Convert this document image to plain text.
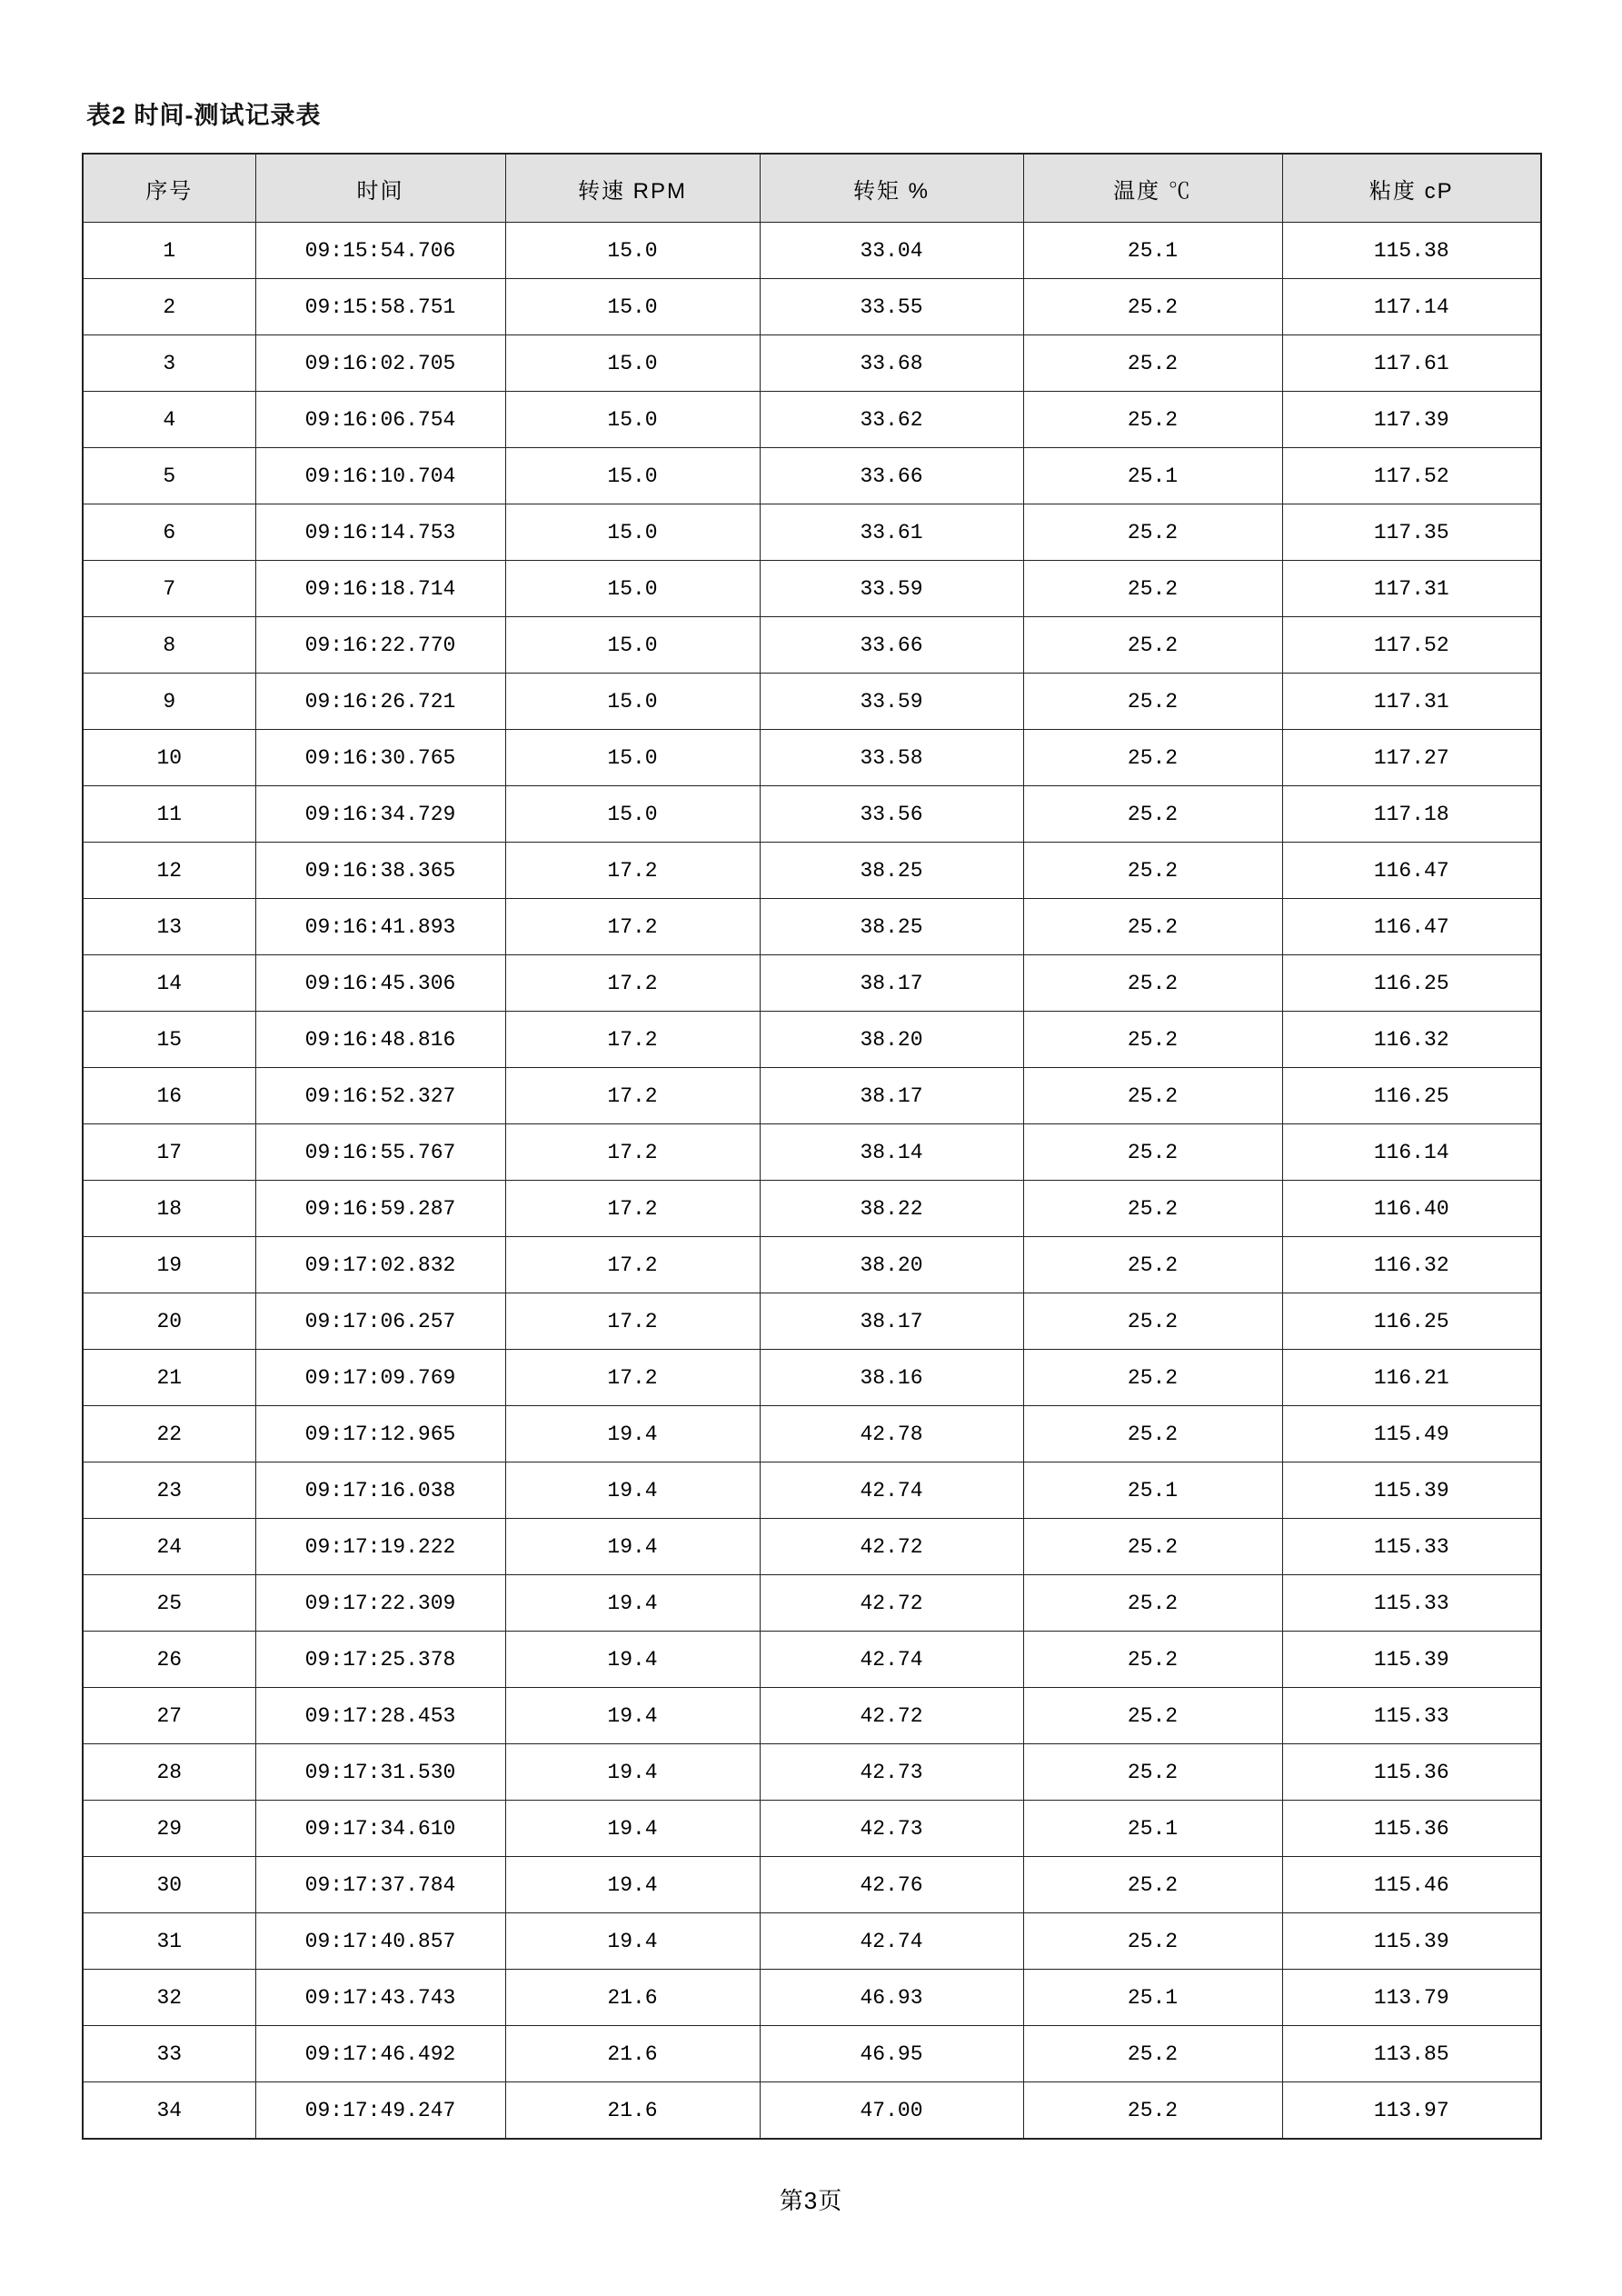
表2 时间-测试记录表
序号	时间	转速 RPM	转矩 %	温度 ℃	粘度 cP
1	09:15:54.706	15.0	33.04	25.1	115.38
2	09:15:58.751	15.0	33.55	25.2	117.14
3	09:16:02.705	15.0	33.68	25.2	117.61
4	09:16:06.754	15.0	33.62	25.2	117.39
5	09:16:10.704	15.0	33.66	25.1	117.52
6	09:16:14.753	15.0	33.61	25.2	117.35
7	09:16:18.714	15.0	33.59	25.2	117.31
8	09:16:22.770	15.0	33.66	25.2	117.52
9	09:16:26.721	15.0	33.59	25.2	117.31
10	09:16:30.765	15.0	33.58	25.2	117.27
11	09:16:34.729	15.0	33.56	25.2	117.18
12	09:16:38.365	17.2	38.25	25.2	116.47
13	09:16:41.893	17.2	38.25	25.2	116.47
14	09:16:45.306	17.2	38.17	25.2	116.25
15	09:16:48.816	17.2	38.20	25.2	116.32
16	09:16:52.327	17.2	38.17	25.2	116.25
17	09:16:55.767	17.2	38.14	25.2	116.14
18	09:16:59.287	17.2	38.22	25.2	116.40
19	09:17:02.832	17.2	38.20	25.2	116.32
20	09:17:06.257	17.2	38.17	25.2	116.25
21	09:17:09.769	17.2	38.16	25.2	116.21
22	09:17:12.965	19.4	42.78	25.2	115.49
23	09:17:16.038	19.4	42.74	25.1	115.39
24	09:17:19.222	19.4	42.72	25.2	115.33
25	09:17:22.309	19.4	42.72	25.2	115.33
26	09:17:25.378	19.4	42.74	25.2	115.39
27	09:17:28.453	19.4	42.72	25.2	115.33
28	09:17:31.530	19.4	42.73	25.2	115.36
29	09:17:34.610	19.4	42.73	25.1	115.36
30	09:17:37.784	19.4	42.76	25.2	115.46
31	09:17:40.857	19.4	42.74	25.2	115.39
32	09:17:43.743	21.6	46.93	25.1	113.79
33	09:17:46.492	21.6	46.95	25.2	113.85
34	09:17:49.247	21.6	47.00	25.2	113.97
第3页
